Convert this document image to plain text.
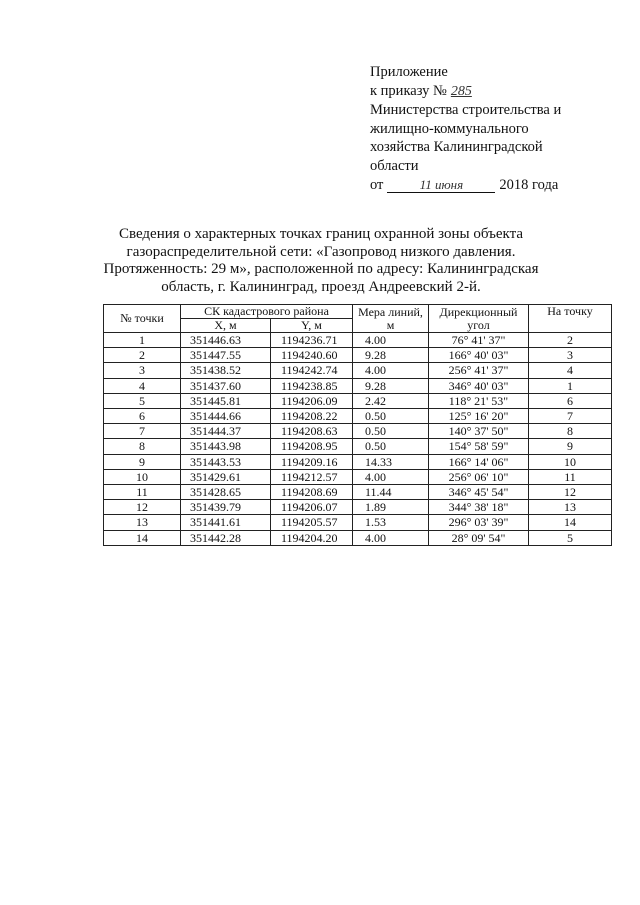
Приложение
к приказу № 285
Министерства строительства и
жилищно-коммунального
хозяйства Калининградской
области
от	11 июня	2018 года
Сведения о характерных точках границ охранной зоны объекта газораспределительной сети: «Газопровод низкого давления. Протяженность: 29 м», расположенной по адресу: Калининградская область, г. Калининград, проезд Андреевский 2-й.
№ точки	СК кадастрового района		Мера линий, м	Дирекционный угол	На точку
	X, м	Y, м			
1	351446.63	1194236.71	4.00	76° 41' 37"	2
2	351447.55	1194240.60	9.28	166° 40' 03"	3
3	351438.52	1194242.74	4.00	256° 41' 37"	4
4	351437.60	1194238.85	9.28	346° 40' 03"	1
5	351445.81	1194206.09	2.42	118° 21' 53"	6
6	351444.66	1194208.22	0.50	125° 16' 20"	7
7	351444.37	1194208.63	0.50	140° 37' 50"	8
8	351443.98	1194208.95	0.50	154° 58' 59"	9
9	351443.53	1194209.16	14.33	166° 14' 06"	10
10	351429.61	1194212.57	4.00	256° 06' 10"	11
11	351428.65	1194208.69	11.44	346° 45' 54"	12
12	351439.79	1194206.07	1.89	344° 38' 18"	13
13	351441.61	1194205.57	1.53	296° 03' 39"	14
14	351442.28	1194204.20	4.00	28° 09' 54"	5
